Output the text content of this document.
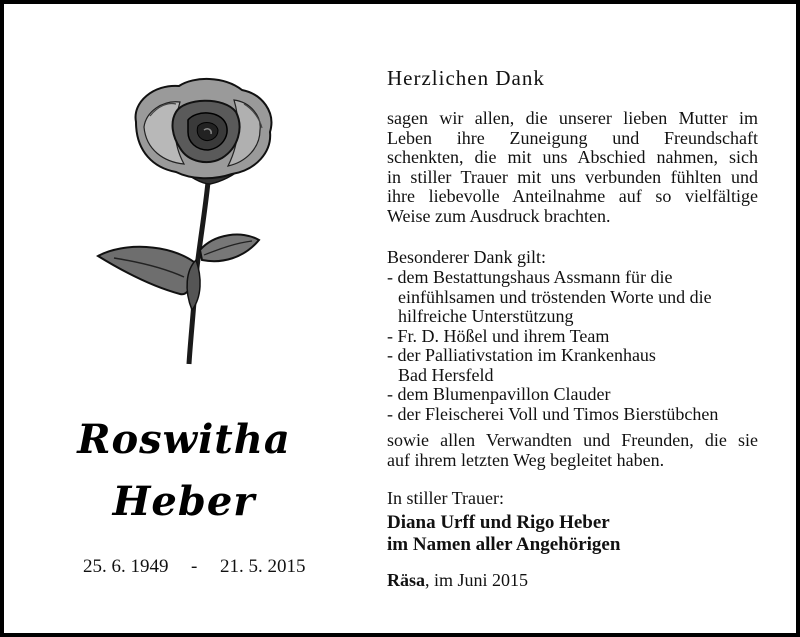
Roswitha
Heber
25. 6. 1949 - 21. 5. 2015
Herzlichen Dank
sagen wir allen, die unserer lieben Mutter im
Leben ihre Zuneigung und Freundschaft
schenkten, die mit uns Abschied nahmen, sich
in stiller Trauer mit uns verbunden fühlten und
ihre liebevolle Anteilnahme auf so vielfältige
Weise zum Ausdruck brachten.
Besonderer Dank gilt:
- dem Bestattungshaus Assmann für die
einfühlsamen und tröstenden Worte und die
hilfreiche Unterstützung
- Fr. D. Hößel und ihrem Team
- der Palliativstation im Krankenhaus
Bad Hersfeld
- dem Blumenpavillon Clauder
- der Fleischerei Voll und Timos Bierstübchen
sowie allen Verwandten und Freunden, die sie
auf ihrem letzten Weg begleitet haben.
In stiller Trauer:
Diana Urff und Rigo Heber
im Namen aller Angehörigen
Räsa, im Juni 2015
